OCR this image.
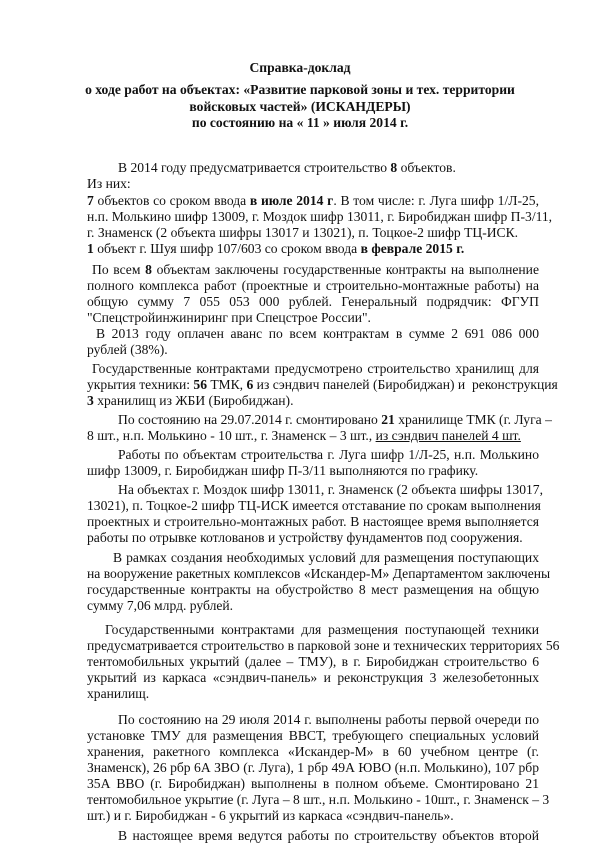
Справка-доклад
о ходе работ на объектах: «Развитие парковой зоны и тех. территории
войсковых частей» (ИСКАНДЕРЫ)
по состоянию на « 11 » июля 2014 г.
В 2014 году предусматривается строительство 8 объектов.
Из них:
7 объектов со сроком ввода в июле 2014 г. В том числе: г. Луга шифр 1/Л-25,
н.п. Молькино шифр 13009, г. Моздок шифр 13011, г. Биробиджан шифр П-3/11,
г. Знаменск (2 объекта шифры 13017 и 13021), п. Тоцкое-2 шифр ТЦ-ИСК.
1 объект г. Шуя шифр 107/603 со сроком ввода в феврале 2015 г.
По всем 8 объектам заключены государственные контракты на выполнение
полного комплекса работ (проектные и строительно-монтажные работы) на
общую сумму 7 055 053 000 рублей. Генеральный подрядчик: ФГУП
"Спецстройинжиниринг при Спецстрое России".
В 2013 году оплачен аванс по всем контрактам в сумме 2 691 086 000
рублей (38%).
Государственные контрактами предусмотрено строительство хранилищ для
укрытия техники: 56 ТМК, 6 из сэндвич панелей (Биробиджан) и  реконструкция
3 хранилищ из ЖБИ (Биробиджан).
По состоянию на 29.07.2014 г. смонтировано 21 хранилище ТМК (г. Луга –
8 шт., н.п. Молькино - 10 шт., г. Знаменск – 3 шт., из сэндвич панелей 4 шт.
Работы по объектам строительства г. Луга шифр 1/Л-25, н.п. Молькино
шифр 13009, г. Биробиджан шифр П-3/11 выполняются по графику.
На объектах г. Моздок шифр 13011, г. Знаменск (2 объекта шифры 13017,
13021), п. Тоцкое-2 шифр ТЦ-ИСК имеется отставание по срокам выполнения
проектных и строительно-монтажных работ. В настоящее время выполняется
работы по отрывке котлованов и устройству фундаментов под сооружения.
В рамках создания необходимых условий для размещения поступающих
на вооружение ракетных комплексов «Искандер-М» Департаментом заключены
государственные контракты на обустройство 8 мест размещения на общую
сумму 7,06 млрд. рублей.
Государственными контрактами для размещения поступающей техники
предусматривается строительство в парковой зоне и технических территориях 56
тентомобильных укрытий (далее – ТМУ), в г. Биробиджан строительство 6
укрытий из каркаса «сэндвич-панель» и реконструкция 3 железобетонных
хранилищ.
По состоянию на 29 июля 2014 г. выполнены работы первой очереди по
установке ТМУ для размещения ВВСТ, требующего специальных условий
хранения, ракетного комплекса «Искандер-М» в 60 учебном центре (г.
Знаменск), 26 рбр 6А ЗВО (г. Луга), 1 рбр 49А ЮВО (н.п. Молькино), 107 рбр
35А ВВО (г. Биробиджан) выполнены в полном объеме. Смонтировано 21
тентомобильное укрытие (г. Луга – 8 шт., н.п. Молькино - 10шт., г. Знаменск – 3
шт.) и г. Биробиджан - 6 укрытий из каркаса «сэндвич-панель».
В настоящее время ведутся работы по строительству объектов второй
